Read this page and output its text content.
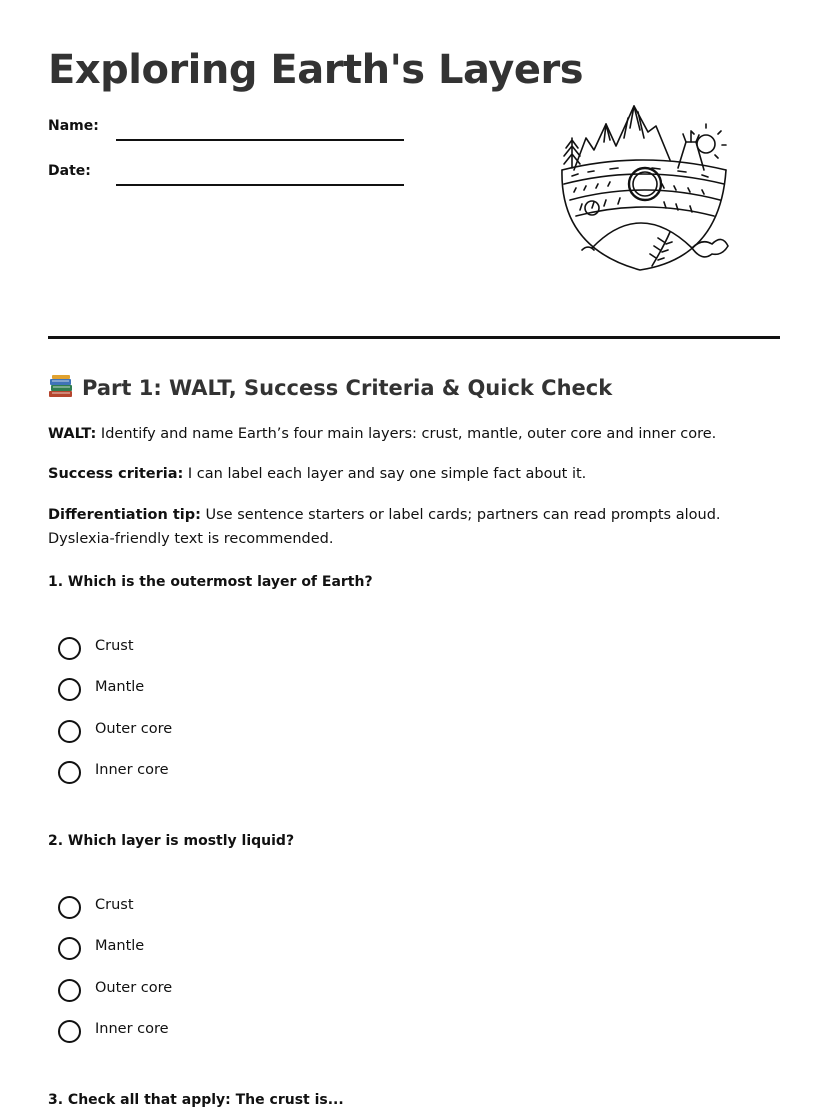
Exploring Earth's Layers
Name:
Date:
Part 1: WALT, Success Criteria & Quick Check

WALT: Identify and name Earth’s four main layers: crust, mantle, outer core and inner core.

Success criteria: I can label each layer and say one simple fact about it.

Differentiation tip: Use sentence starters or label cards; partners can read prompts aloud. Dyslexia-friendly text is recommended.

1. Which is the outermost layer of Earth?

Crust
Mantle
Outer core
Inner core

2. Which layer is mostly liquid?

Crust
Mantle
Outer core
Inner core

3. Check all that apply: The crust is...
